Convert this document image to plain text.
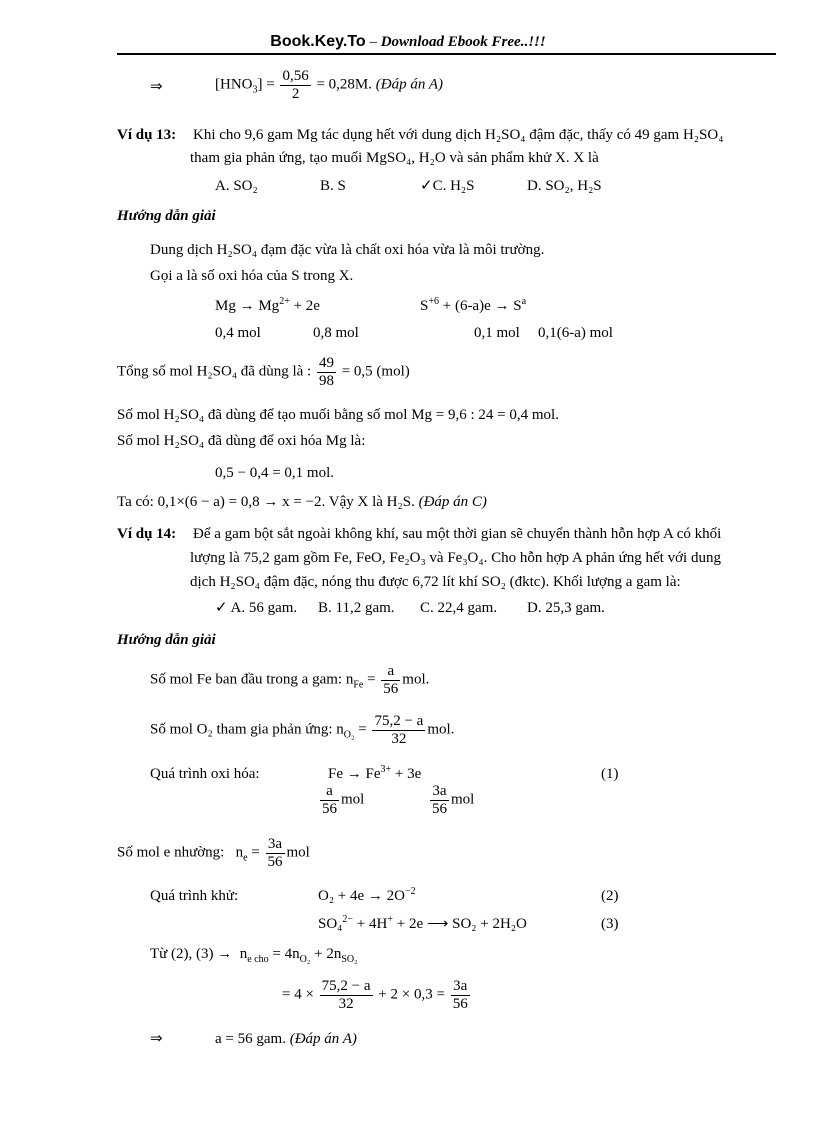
Book.Key.To – Download Ebook Free..!!!
⇒	$[HNO_3] = \frac{0,56}{2} = 0,28M$. (Đáp án A)
Ví dụ 13: Khi cho 9,6 gam Mg tác dụng hết với dung dịch H₂SO₄ đậm đặc, thấy có 49 gam H₂SO₄
tham gia phản ứng, tạo muối MgSO₄, H₂O và sản phẩm khử X. X là
A. SO₂	B. S	✓C. H₂S	D. SO₂, H₂S
Hướng dẫn giải
Dung dịch H₂SO₄ đạm đặc vừa là chất oxi hóa vừa là môi trường.
Gọi a là số oxi hóa của S trong X.
$Mg \to Mg^{2+} + 2e$	$S^{+6} + (6-a)e \to S^a$
0,4 mol	0,8 mol	0,1 mol 0,1(6-a) mol
Tổng số mol H₂SO₄ đã dùng là : $\frac{49}{98} = 0,5$ (mol)
Số mol H₂SO₄ đã dùng để tạo muối bằng số mol Mg = 9,6 : 24 = 0,4 mol.
Số mol H₂SO₄ đã dùng để oxi hóa Mg là:
0,5 − 0,4 = 0,1 mol.
Ta có: 0,1×(6 − a) = 0,8 → x = −2. Vậy X là H₂S. (Đáp án C)
Ví dụ 14: Để a gam bột sắt ngoài không khí, sau một thời gian sẽ chuyển thành hỗn hợp A có khối
lượng là 75,2 gam gồm Fe, FeO, Fe₂O₃ và Fe₃O₄. Cho hỗn hợp A phản ứng hết với dung
dịch H₂SO₄ đậm đặc, nóng thu được 6,72 lít khí SO₂ (đktc). Khối lượng a gam là:
✓ A. 56 gam. B. 11,2 gam. C. 22,4 gam. D. 25,3 gam.
Hướng dẫn giải
Số mol Fe ban đầu trong a gam: $n_{Fe} = \frac{a}{56}$ mol.
Số mol O₂ tham gia phản ứng: $n_{O_2} = \frac{75,2 - a}{32}$ mol.
Quá trình oxi hóa:	$Fe \to Fe^{3+} + 3e$	(1)
$\frac{a}{56}$ mol	$\frac{3a}{56}$ mol
Số mol e nhường: $n_e = \frac{3a}{56}$ mol
Quá trình khử:	$O_2 + 4e \to 2O^{-2}$	(2)
SO₄$^{2-}$ + 4H+ + 2e ⟶ SO₂ + 2H₂O	(3)
Từ (2), $(3) \to n_{e cho} = 4n_{O_2} + 2n_{SO_2}$
= $4 \times \frac{75,2 - a}{32} + 2 \times 0,3 = \frac{3a}{56}$
⇒	a = 56 gam. (Đáp án A)
